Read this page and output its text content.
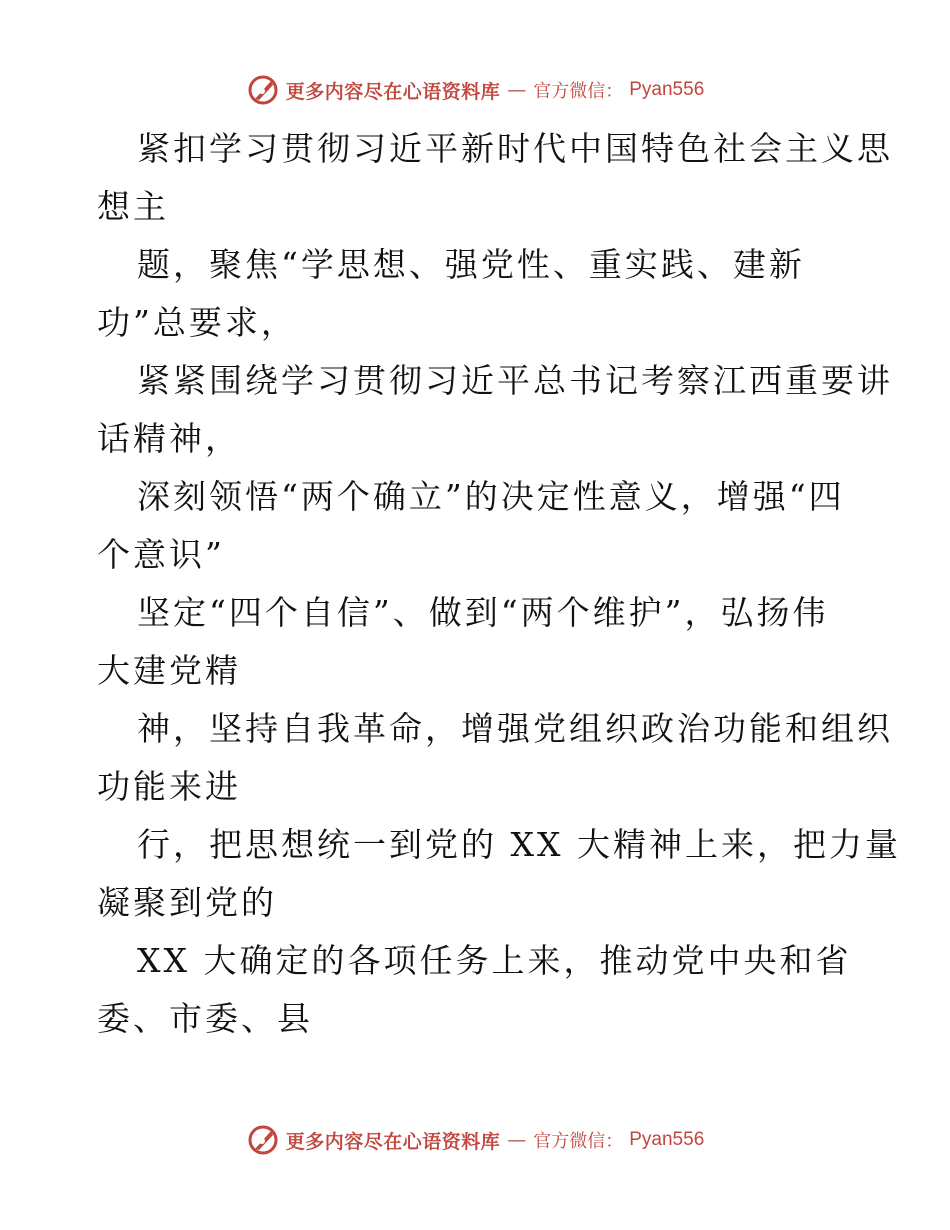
更多内容尽在心语资料库 — 官方微信： Pyan556
紧扣学习贯彻习近平新时代中国特色社会主义思
想主
题，聚焦“学思想、强党性、重实践、建新
功”总要求，
紧紧围绕学习贯彻习近平总书记考察江西重要讲
话精神，
深刻领悟“两个确立”的决定性意义，增强“四
个意识”
坚定“四个自信”、做到“两个维护”，弘扬伟
大建党精
神，坚持自我革命，增强党组织政治功能和组织
功能来进
行，把思想统一到党的 XX 大精神上来，把力量
凝聚到党的
XX 大确定的各项任务上来，推动党中央和省
委、市委、县
更多内容尽在心语资料库 — 官方微信： Pyan556
